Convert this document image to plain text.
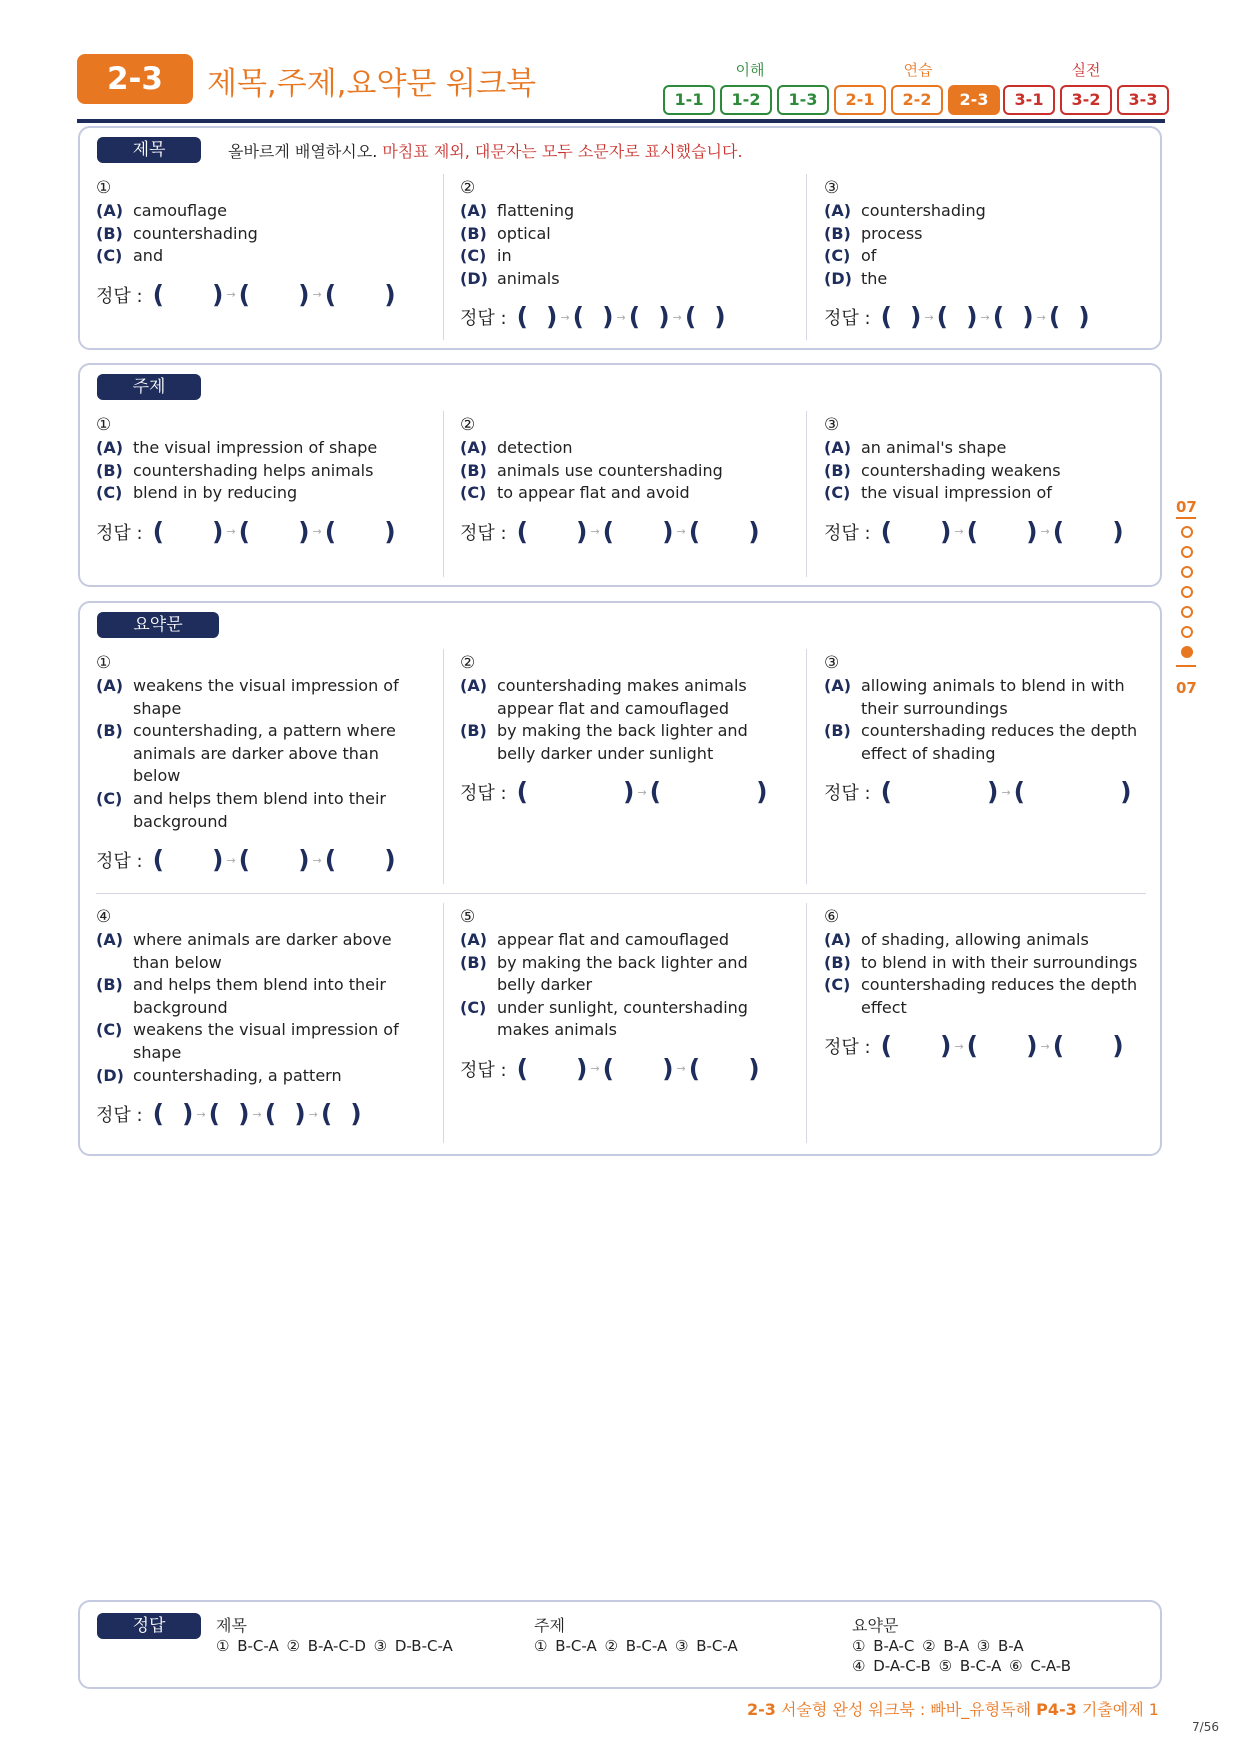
2-3	제목,주제,요약문 워크북	이해	연습	실전
1-1	1-2	1-3	2-1	2-2	2-3	3-1	3-2	3-3
제목	올바르게 배열하시오. 마침표 제외, 대문자는 모두 소문자로 표시했습니다.
①
(A) camouflage
(B) countershading
(C) and
정답 : ( ) → ( ) → ( )
②
(A) flattening
(B) optical
(C) in
(D) animals
정답 : ( ) → ( ) → ( ) → ( )
③
(A) countershading
(B) process
(C) of
(D) the
정답 : ( ) → ( ) → ( ) → ( )
주제
①
(A) the visual impression of shape
(B) countershading helps animals
(C) blend in by reducing
정답 : ( ) → ( ) → ( )
②
(A) detection
(B) animals use countershading
(C) to appear flat and avoid
정답 : ( ) → ( ) → ( )
③
(A) an animal's shape
(B) countershading weakens
(C) the visual impression of
정답 : ( ) → ( ) → ( )
요약문
①
(A) weakens the visual impression of shape
(B) countershading, a pattern where animals are darker above than below
(C) and helps them blend into their background
정답 : ( ) → ( ) → ( )
②
(A) countershading makes animals appear flat and camouflaged
(B) by making the back lighter and belly darker under sunlight
정답 : (	) → (	)
③
(A) allowing animals to blend in with their surroundings
(B) countershading reduces the depth effect of shading
정답 : (	) → (	)
④
(A) where animals are darker above than below
(B) and helps them blend into their background
(C) weakens the visual impression of shape
(D) countershading, a pattern
정답 : ( ) → ( ) → ( ) → ( )
⑤
(A) appear flat and camouflaged
(B) by making the back lighter and belly darker
(C) under sunlight, countershading makes animals
정답 : ( ) → ( ) → ( )
⑥
(A) of shading, allowing animals
(B) to blend in with their surroundings
(C) countershading reduces the depth effect
정답 : ( ) → ( ) → ( )
07
07
정답	제목
① B-C-A ② B-A-C-D ③ D-B-C-A
주제
① B-C-A ② B-C-A ③ B-C-A
요약문
① B-A-C ② B-A ③ B-A
④ D-A-C-B ⑤ B-C-A ⑥ C-A-B
2-3 서술형 완성 워크북 : 빠바_유형독해 P4-3 기출예제 1
7/56
